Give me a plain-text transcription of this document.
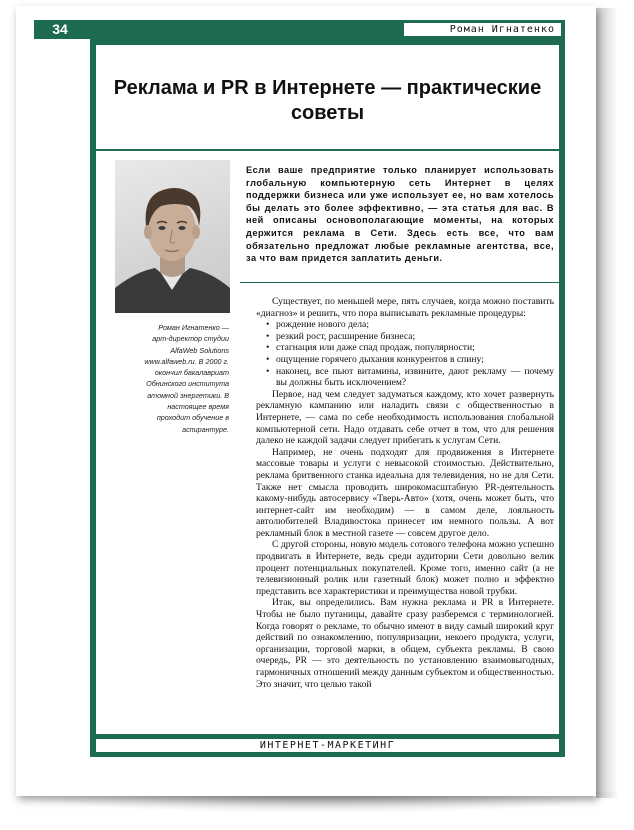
34	Роман Игнатенко
Реклама и PR в Интернете — практические советы
Если ваше предприятие только планирует использовать глобальную компьютерную сеть Интернет в целях поддержки бизнеса или уже использует ее, но вам хотелось бы делать это более эффективно, — эта статья для вас. В ней описаны основополагающие моменты, на которых держится реклама в Сети. Здесь есть все, что вам обязательно предложат любые рекламные агентства, все, за что вам придется заплатить деньги.
Роман Игнатенко — арт-директор студии AlfaWeb Solutions www.alfaweb.ru. В 2000 г. окончил бакалавриат Обнинского института атомной энергетики. В настоящее время проходит обучение в аспирантуре.

Существует, по меньшей мере, пять случаев, когда можно поставить «диагноз» и решить, что пора выписывать рекламные процедуры:

• рождение нового дела;
• резкий рост, расширение бизнеса;
• стагнация или даже спад продаж, популярности;
• ощущение горячего дыхания конкурентов в спину;
• наконец, все пьют витамины, извините, дают рекламу — почему вы должны быть исключением?

Первое, над чем следует задуматься каждому, кто хочет развернуть рекламную кампанию или наладить связи с общественностью в Интернете, — сама по себе необходимость использования глобальной компьютерной сети. Надо отдавать себе отчет в том, что для решения далеко не каждой задачи следует прибегать к услугам Сети.

Например, не очень подходят для продвижения в Интернете массовые товары и услуги с невысокой стоимостью. Действительно, реклама бритвенного станка идеальна для телевидения, но не для Сети. Также нет смысла проводить широкомасштабную PR-деятельность какому-нибудь автосервису «Тверь-Авто» (хотя, очень может быть, что интернет-сайт им необходим) — в самом деле, лояльность автолюбителей Владивостока принесет им немного пользы. А вот рекламный блок в местной газете — совсем другое дело.

С другой стороны, новую модель сотового телефона можно успешно продвигать в Интернете, ведь среди аудитории Сети довольно велик процент потенциальных покупателей. Кроме того, именно сайт (а не телевизионный ролик или газетный блок) может полно и эффектно представить все характеристики и преимущества новой трубки.

Итак, вы определились. Вам нужна реклама и PR в Интернете. Чтобы не было путаницы, давайте сразу разберемся с терминологией. Когда говорят о рекламе, то обычно имеют в виду самый широкий круг действий по ознакомлению, популяризации, некоего продукта, услуги, организации, торговой марки, в общем, субъекта рекламы. В свою очередь, PR — это деятельность по установлению взаимовыгодных, гармоничных отношений между данным субъектом и общественностью. Это значит, что целью такой

ИНТЕРНЕТ-МАРКЕТИНГ
